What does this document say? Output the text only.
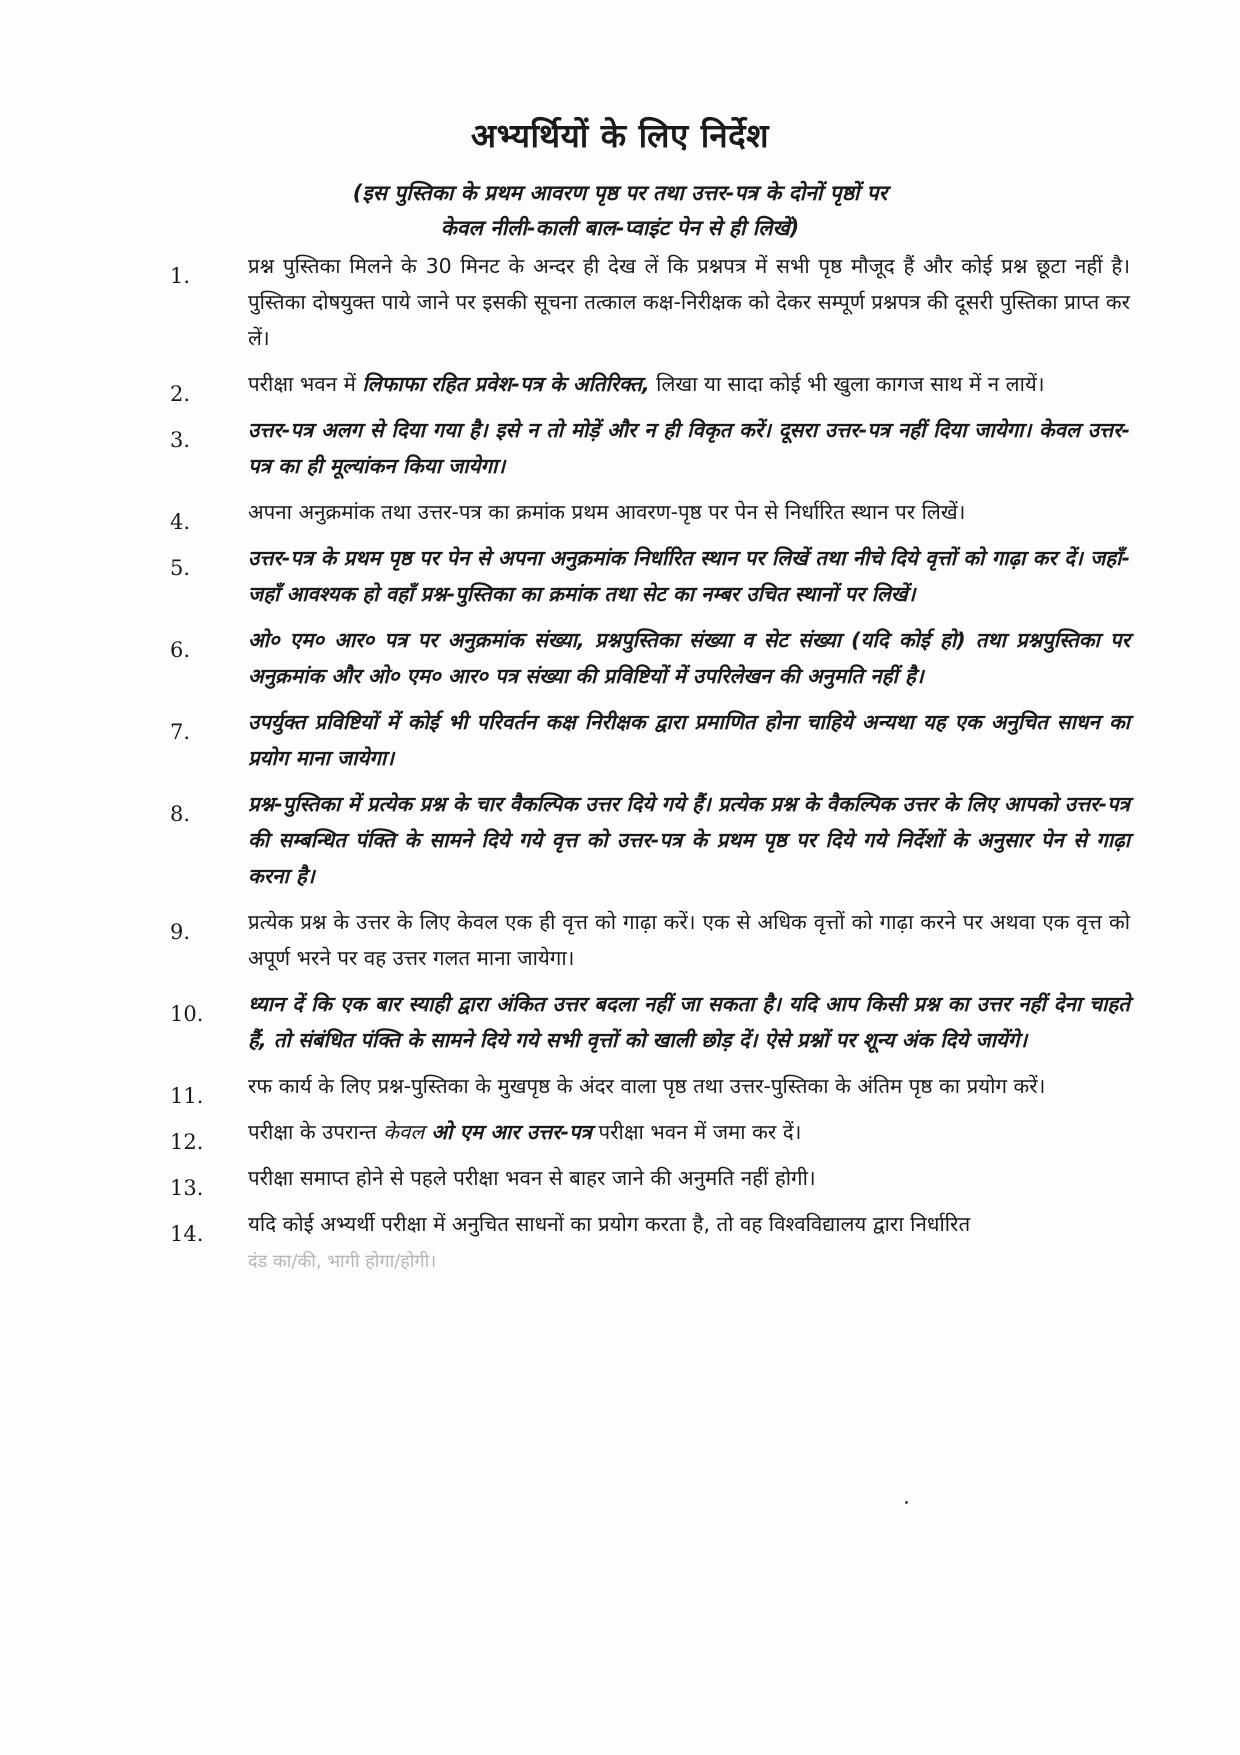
अभ्यर्थियों के लिए निर्देश
(इस पुस्तिका के प्रथम आवरण पृष्ठ पर तथा उत्तर-पत्र के दोनों पृष्ठों पर
केवल नीली-काली बाल-प्वाइंट पेन से ही लिखें)
1.	प्रश्न पुस्तिका मिलने के 30 मिनट के अन्दर ही देख लें कि प्रश्नपत्र में सभी पृष्ठ मौजूद हैं और कोई प्रश्न छूटा नहीं है। पुस्तिका दोषयुक्त पाये जाने पर इसकी सूचना तत्काल कक्ष-निरीक्षक को देकर सम्पूर्ण प्रश्नपत्र की दूसरी पुस्तिका प्राप्त कर लें।
2.	परीक्षा भवन में लिफाफा रहित प्रवेश-पत्र के अतिरिक्त, लिखा या सादा कोई भी खुला कागज साथ में न लायें।
3.	उत्तर-पत्र अलग से दिया गया है। इसे न तो मोड़ें और न ही विकृत करें। दूसरा उत्तर-पत्र नहीं दिया जायेगा। केवल उत्तर-पत्र का ही मूल्यांकन किया जायेगा।
4.	अपना अनुक्रमांक तथा उत्तर-पत्र का क्रमांक प्रथम आवरण-पृष्ठ पर पेन से निर्धारित स्थान पर लिखें।
5.	उत्तर-पत्र के प्रथम पृष्ठ पर पेन से अपना अनुक्रमांक निर्धारित स्थान पर लिखें तथा नीचे दिये वृत्तों को गाढ़ा कर दें। जहाँ-जहाँ आवश्यक हो वहाँ प्रश्न-पुस्तिका का क्रमांक तथा सेट का नम्बर उचित स्थानों पर लिखें।
6.	ओ० एम० आर० पत्र पर अनुक्रमांक संख्या, प्रश्नपुस्तिका संख्या व सेट संख्या (यदि कोई हो) तथा प्रश्नपुस्तिका पर अनुक्रमांक और ओ० एम० आर० पत्र संख्या की प्रविष्टियों में उपरिलेखन की अनुमति नहीं है।
7.	उपर्युक्त प्रविष्टियों में कोई भी परिवर्तन कक्ष निरीक्षक द्वारा प्रमाणित होना चाहिये अन्यथा यह एक अनुचित साधन का प्रयोग माना जायेगा।
8.	प्रश्न-पुस्तिका में प्रत्येक प्रश्न के चार वैकल्पिक उत्तर दिये गये हैं। प्रत्येक प्रश्न के वैकल्पिक उत्तर के लिए आपको उत्तर-पत्र की सम्बन्धित पंक्ति के सामने दिये गये वृत्त को उत्तर-पत्र के प्रथम पृष्ठ पर दिये गये निर्देशों के अनुसार पेन से गाढ़ा करना है।
9.	प्रत्येक प्रश्न के उत्तर के लिए केवल एक ही वृत्त को गाढ़ा करें। एक से अधिक वृत्तों को गाढ़ा करने पर अथवा एक वृत्त को अपूर्ण भरने पर वह उत्तर गलत माना जायेगा।
10.	ध्यान दें कि एक बार स्याही द्वारा अंकित उत्तर बदला नहीं जा सकता है। यदि आप किसी प्रश्न का उत्तर नहीं देना चाहते हैं, तो संबंधित पंक्ति के सामने दिये गये सभी वृत्तों को खाली छोड़ दें। ऐसे प्रश्नों पर शून्य अंक दिये जायेंगे।
11.	रफ कार्य के लिए प्रश्न-पुस्तिका के मुखपृष्ठ के अंदर वाला पृष्ठ तथा उत्तर-पुस्तिका के अंतिम पृष्ठ का प्रयोग करें।
12.	परीक्षा के उपरान्त केवल ओ एम आर उत्तर-पत्र परीक्षा भवन में जमा कर दें।
13.	परीक्षा समाप्त होने से पहले परीक्षा भवन से बाहर जाने की अनुमति नहीं होगी।
14.	यदि कोई अभ्यर्थी परीक्षा में अनुचित साधनों का प्रयोग करता है, तो वह विश्वविद्यालय द्वारा निर्धारित
दंड का/की, भागी होगा/होगी।
